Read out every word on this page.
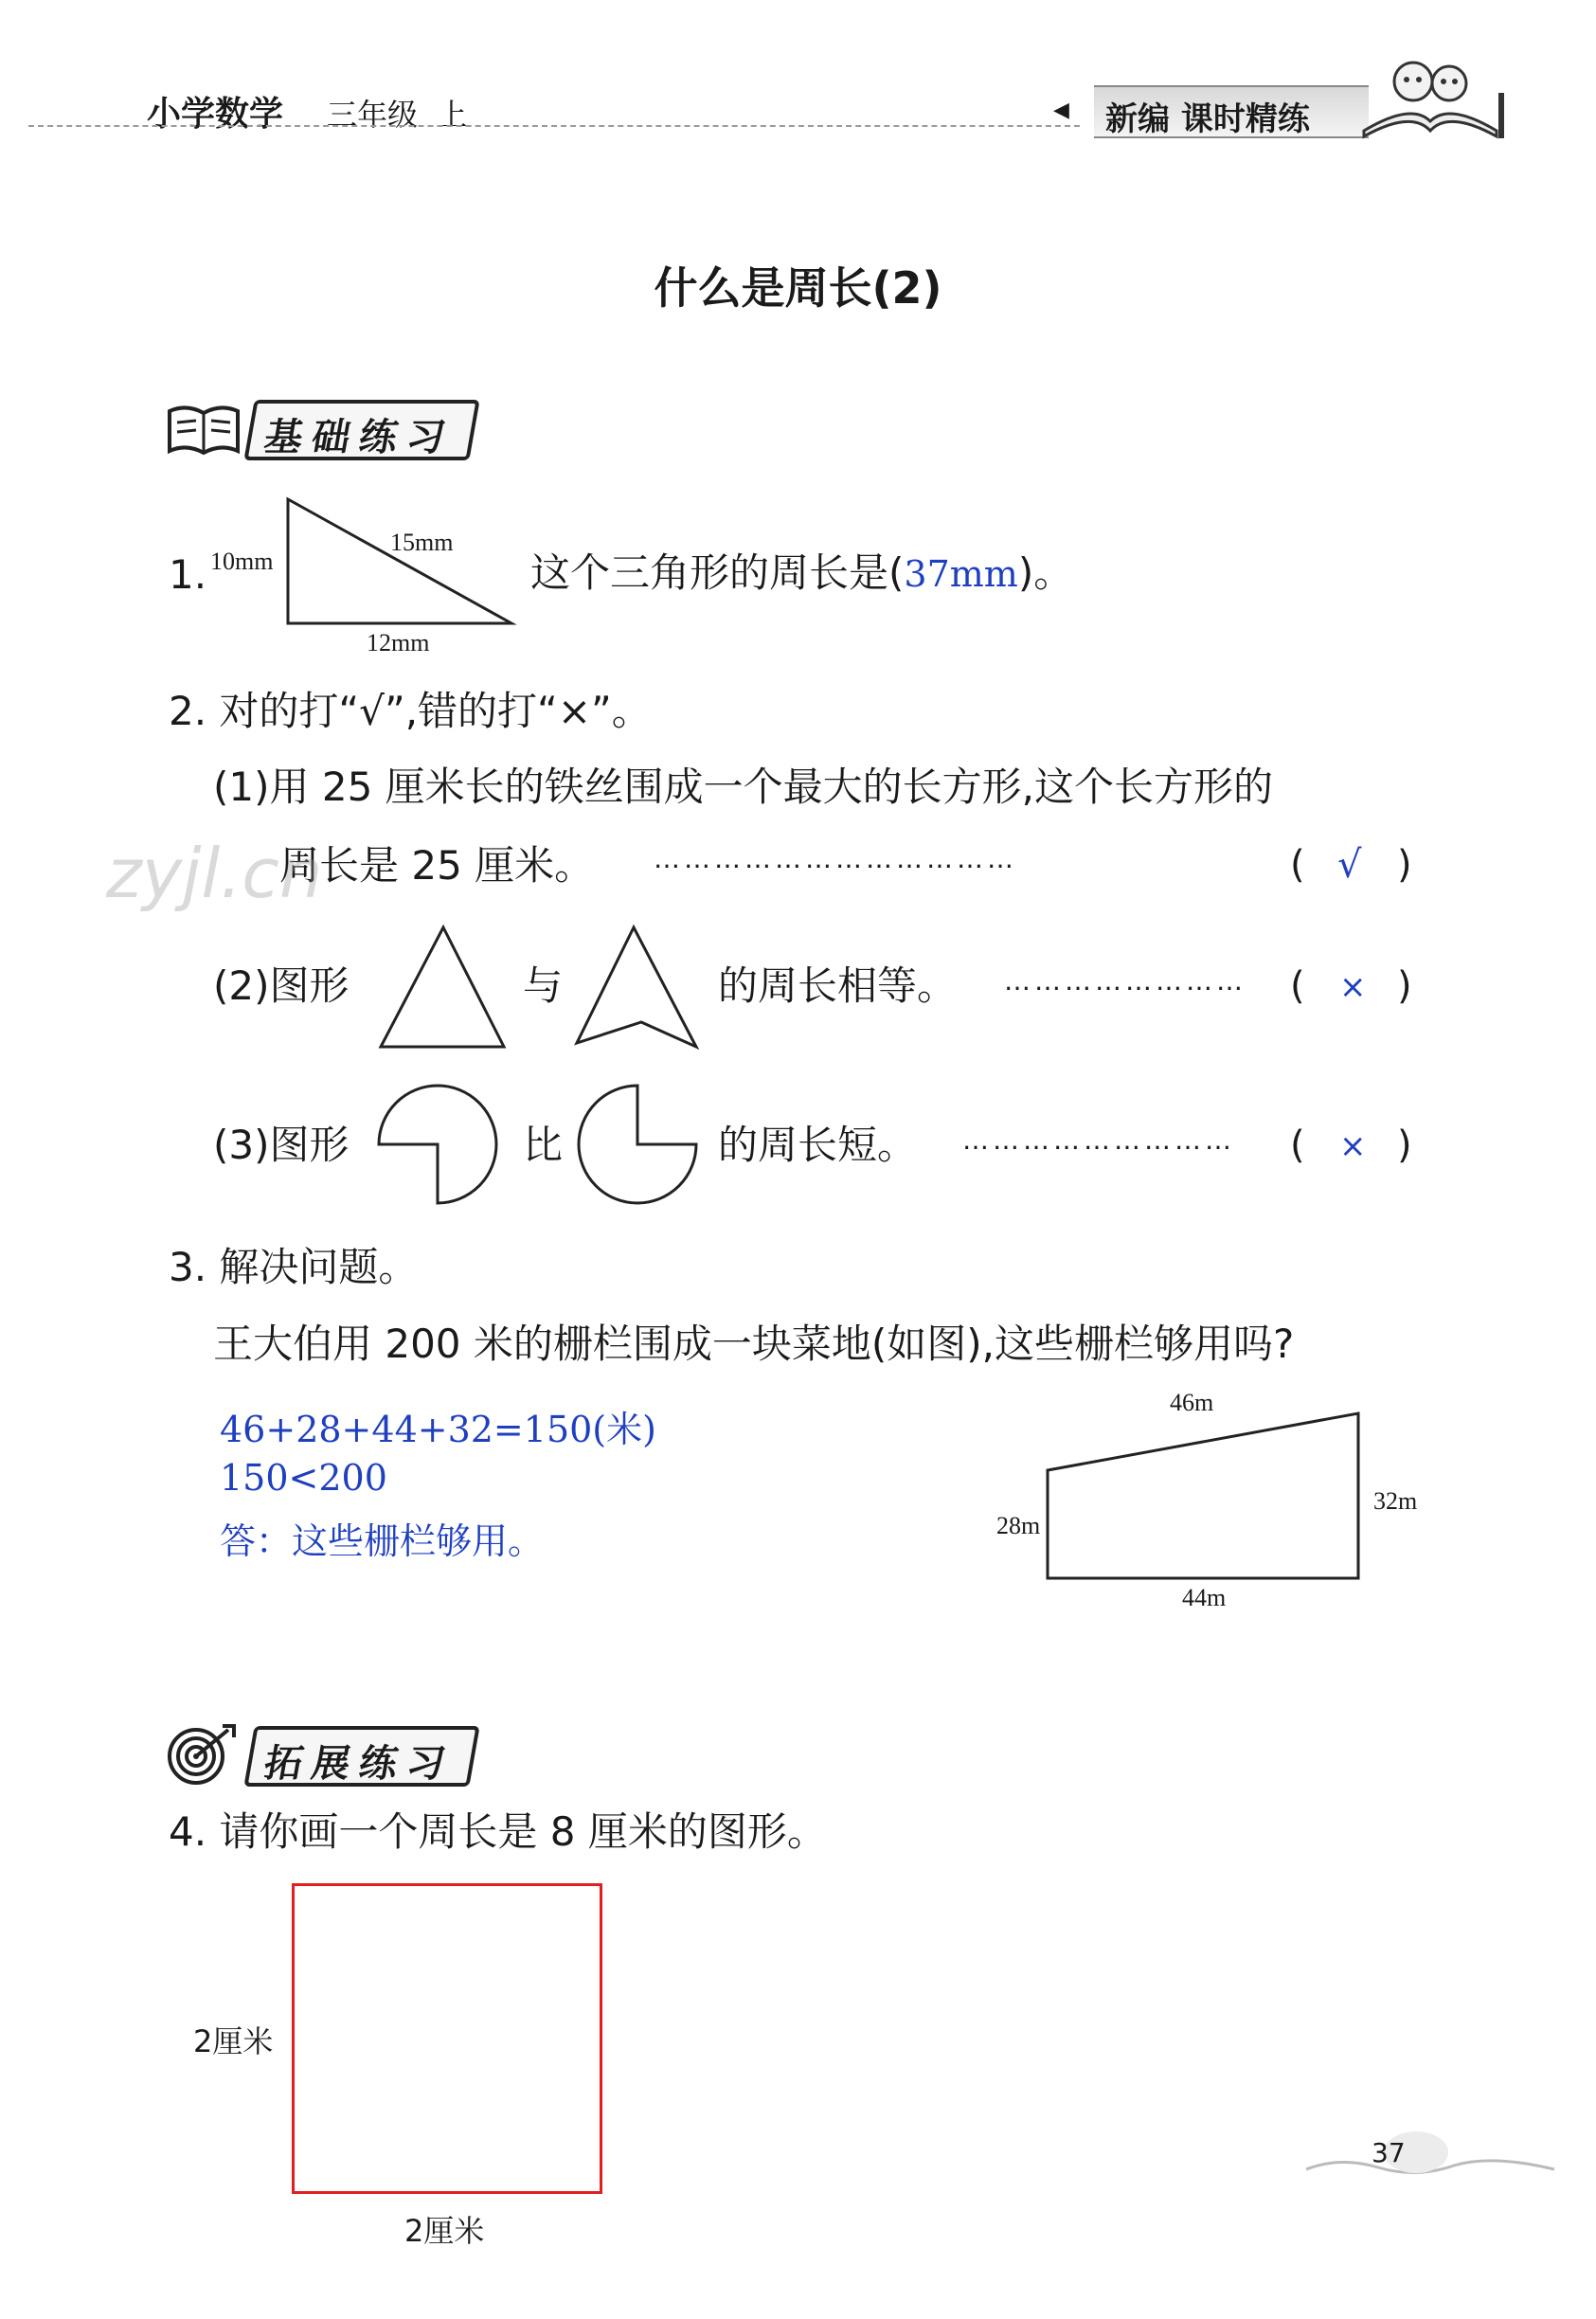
小学数学 三年级  上	◀ 新编 课时精练
什么是周长(2)
基础练习
1. 10mm
15mm
12mm
这个三角形的周长是(37mm)。
2. 对的打“√”,错的打“×”。
(1)用 25 厘米长的铁丝围成一个最大的长方形,这个长方形的
周长是 25 厘米。 ………………………………	( √ )
(2)图形	与	的周长相等。 …………………… ( × )
(3)图形	比	的周长短。 ……………………… ( × )
3. 解决问题。
王大伯用 200 米的栅栏围成一块菜地(如图),这些栅栏够用吗?
46+28+44+32=150(米)
150<200
答：这些栅栏够用。
46m
28m
32m
44m
拓展练习
4. 请你画一个周长是 8 厘米的图形。
2厘米
2厘米
zyjl.cn
37
